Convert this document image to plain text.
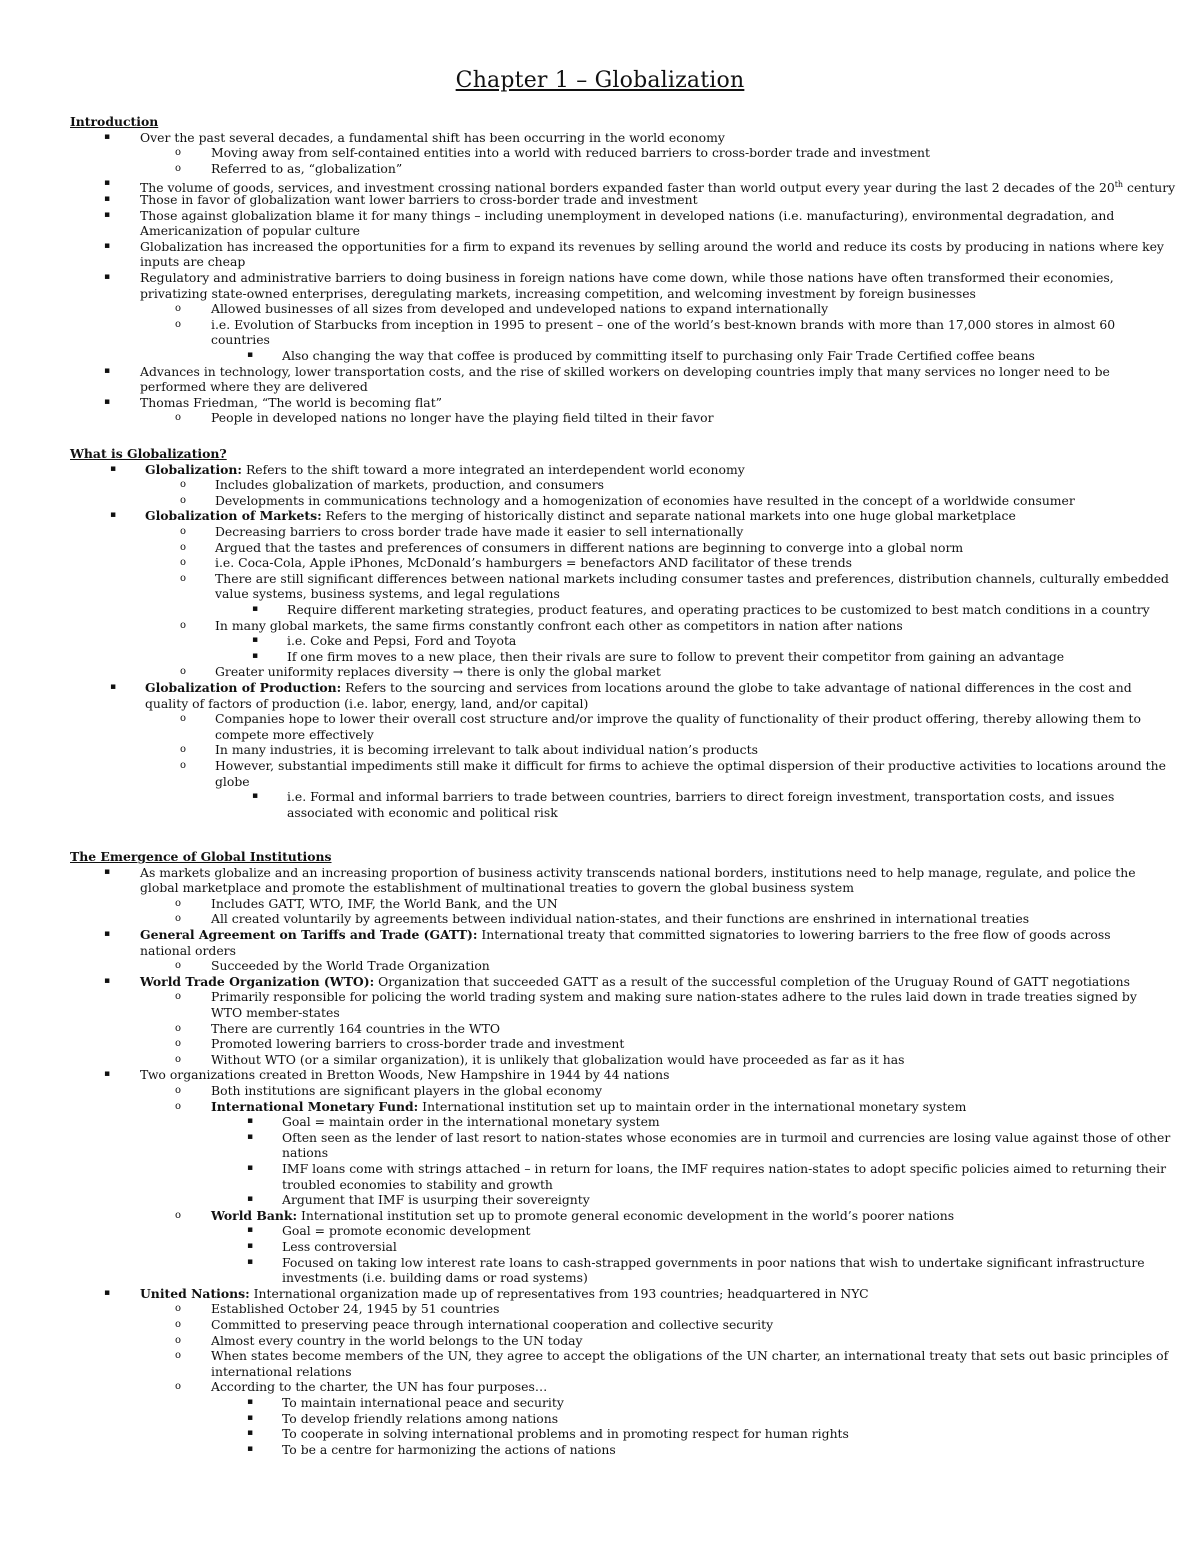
Chapter 1 – Globalization
Introduction
▪ Over the past several decades, a fundamental shift has been occurring in the world economy
o Moving away from self-contained entities into a world with reduced barriers to cross-border trade and investment
o Referred to as, “globalization”
▪ The volume of goods, services, and investment crossing national borders expanded faster than world output every year during the last 2 decades of the 20th century
▪ Those in favor of globalization want lower barriers to cross-border trade and investment
▪ Those against globalization blame it for many things – including unemployment in developed nations (i.e. manufacturing), environmental degradation, and
Americanization of popular culture
▪ Globalization has increased the opportunities for a firm to expand its revenues by selling around the world and reduce its costs by producing in nations where key
inputs are cheap
▪ Regulatory and administrative barriers to doing business in foreign nations have come down, while those nations have often transformed their economies,
privatizing state-owned enterprises, deregulating markets, increasing competition, and welcoming investment by foreign businesses
o Allowed businesses of all sizes from developed and undeveloped nations to expand internationally
o i.e. Evolution of Starbucks from inception in 1995 to present – one of the world’s best-known brands with more than 17,000 stores in almost 60
countries
▪ Also changing the way that coffee is produced by committing itself to purchasing only Fair Trade Certified coffee beans
▪ Advances in technology, lower transportation costs, and the rise of skilled workers on developing countries imply that many services no longer need to be
performed where they are delivered
▪ Thomas Friedman, “The world is becoming flat”
o People in developed nations no longer have the playing field tilted in their favor
What is Globalization?
▪ Globalization: Refers to the shift toward a more integrated an interdependent world economy
o Includes globalization of markets, production, and consumers
o Developments in communications technology and a homogenization of economies have resulted in the concept of a worldwide consumer
▪ Globalization of Markets: Refers to the merging of historically distinct and separate national markets into one huge global marketplace
o Decreasing barriers to cross border trade have made it easier to sell internationally
o Argued that the tastes and preferences of consumers in different nations are beginning to converge into a global norm
o i.e. Coca-Cola, Apple iPhones, McDonald’s hamburgers = benefactors AND facilitator of these trends
o There are still significant differences between national markets including consumer tastes and preferences, distribution channels, culturally embedded
value systems, business systems, and legal regulations
▪ Require different marketing strategies, product features, and operating practices to be customized to best match conditions in a country
o In many global markets, the same firms constantly confront each other as competitors in nation after nations
▪ i.e. Coke and Pepsi, Ford and Toyota
▪ If one firm moves to a new place, then their rivals are sure to follow to prevent their competitor from gaining an advantage
o Greater uniformity replaces diversity → there is only the global market
▪ Globalization of Production: Refers to the sourcing and services from locations around the globe to take advantage of national differences in the cost and
quality of factors of production (i.e. labor, energy, land, and/or capital)
o Companies hope to lower their overall cost structure and/or improve the quality of functionality of their product offering, thereby allowing them to
compete more effectively
o In many industries, it is becoming irrelevant to talk about individual nation’s products
o However, substantial impediments still make it difficult for firms to achieve the optimal dispersion of their productive activities to locations around the
globe
▪ i.e. Formal and informal barriers to trade between countries, barriers to direct foreign investment, transportation costs, and issues
associated with economic and political risk
The Emergence of Global Institutions
▪ As markets globalize and an increasing proportion of business activity transcends national borders, institutions need to help manage, regulate, and police the
global marketplace and promote the establishment of multinational treaties to govern the global business system
o Includes GATT, WTO, IMF, the World Bank, and the UN
o All created voluntarily by agreements between individual nation-states, and their functions are enshrined in international treaties
▪ General Agreement on Tariffs and Trade (GATT): International treaty that committed signatories to lowering barriers to the free flow of goods across
national orders
o Succeeded by the World Trade Organization
▪ World Trade Organization (WTO): Organization that succeeded GATT as a result of the successful completion of the Uruguay Round of GATT negotiations
o Primarily responsible for policing the world trading system and making sure nation-states adhere to the rules laid down in trade treaties signed by
WTO member-states
o There are currently 164 countries in the WTO
o Promoted lowering barriers to cross-border trade and investment
o Without WTO (or a similar organization), it is unlikely that globalization would have proceeded as far as it has
▪ Two organizations created in Bretton Woods, New Hampshire in 1944 by 44 nations
o Both institutions are significant players in the global economy
o International Monetary Fund: International institution set up to maintain order in the international monetary system
▪ Goal = maintain order in the international monetary system
▪ Often seen as the lender of last resort to nation-states whose economies are in turmoil and currencies are losing value against those of other
nations
▪ IMF loans come with strings attached – in return for loans, the IMF requires nation-states to adopt specific policies aimed to returning their
troubled economies to stability and growth
▪ Argument that IMF is usurping their sovereignty
o World Bank: International institution set up to promote general economic development in the world’s poorer nations
▪ Goal = promote economic development
▪ Less controversial
▪ Focused on taking low interest rate loans to cash-strapped governments in poor nations that wish to undertake significant infrastructure
investments (i.e. building dams or road systems)
▪ United Nations: International organization made up of representatives from 193 countries; headquartered in NYC
o Established October 24, 1945 by 51 countries
o Committed to preserving peace through international cooperation and collective security
o Almost every country in the world belongs to the UN today
o When states become members of the UN, they agree to accept the obligations of the UN charter, an international treaty that sets out basic principles of
international relations
o According to the charter, the UN has four purposes…
▪ To maintain international peace and security
▪ To develop friendly relations among nations
▪ To cooperate in solving international problems and in promoting respect for human rights
▪ To be a centre for harmonizing the actions of nations
